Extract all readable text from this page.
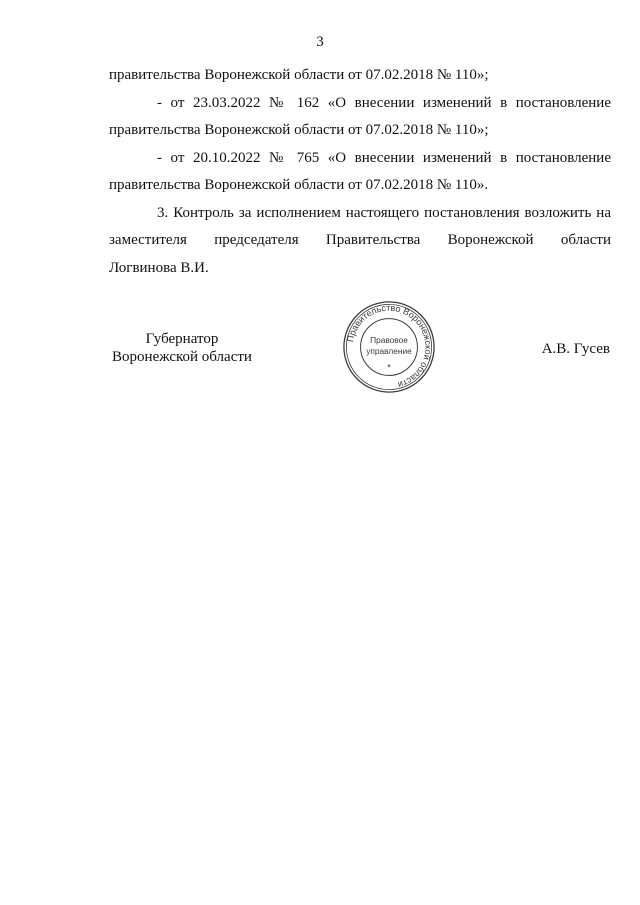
3
правительства Воронежской области от 07.02.2018 № 110»;
- от 23.03.2022 № 162 «О внесении изменений в постановление
правительства Воронежской области от 07.02.2018 № 110»;
- от 20.10.2022 № 765 «О внесении изменений в постановление
правительства Воронежской области от 07.02.2018 № 110».
3. Контроль за исполнением настоящего постановления возложить на
заместителя председателя Правительства Воронежской области
Логвинова В.И.
Губернатор
Воронежской области
Правительство Воронежской области
Правовое
управление
*
А.В. Гусев
